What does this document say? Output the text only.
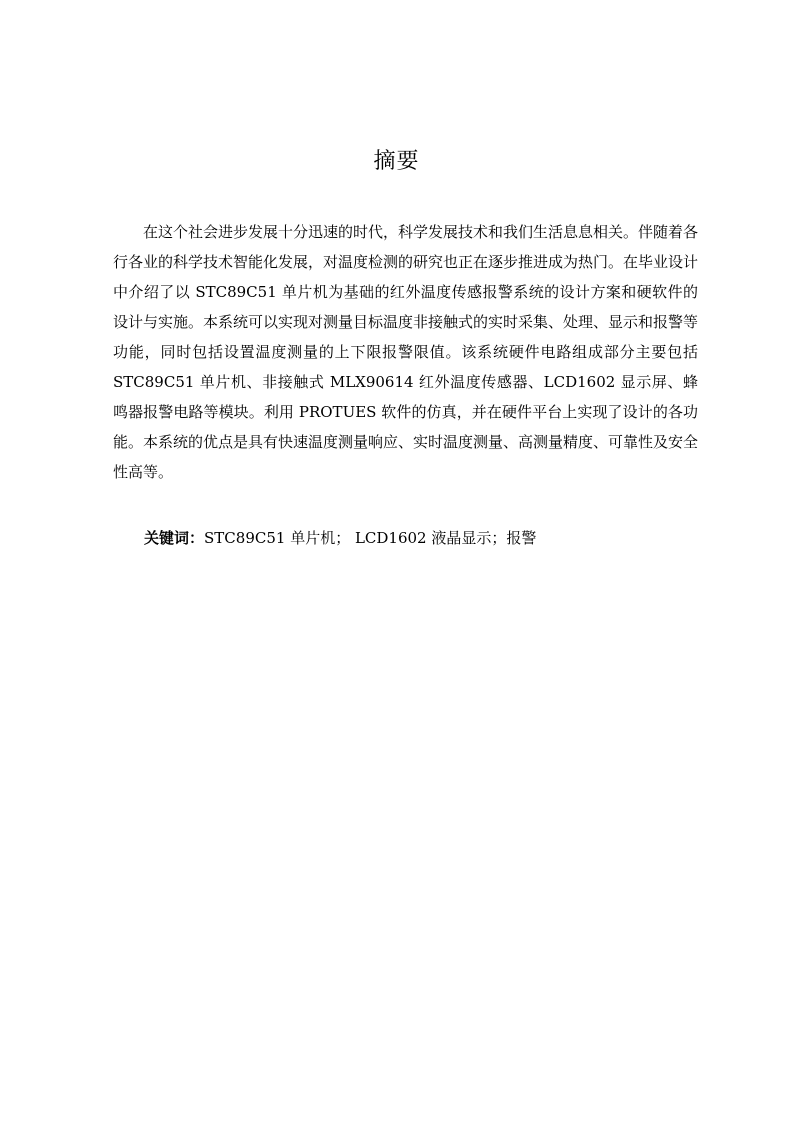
摘要

在这个社会进步发展十分迅速的时代，科学发展技术和我们生活息息相关。伴随着各行各业的科学技术智能化发展，对温度检测的研究也正在逐步推进成为热门。在毕业设计中介绍了以 STC89C51 单片机为基础的红外温度传感报警系统的设计方案和硬软件的设计与实施。本系统可以实现对测量目标温度非接触式的实时采集、处理、显示和报警等功能，同时包括设置温度测量的上下限报警限值。该系统硬件电路组成部分主要包括 STC89C51 单片机、非接触式 MLX90614 红外温度传感器、LCD1602 显示屏、蜂鸣器报警电路等模块。利用 PROTUES 软件的仿真，并在硬件平台上实现了设计的各功能。本系统的优点是具有快速温度测量响应、实时温度测量、高测量精度、可靠性及安全性高等。

关键词：STC89C51 单片机； LCD1602 液晶显示；报警
